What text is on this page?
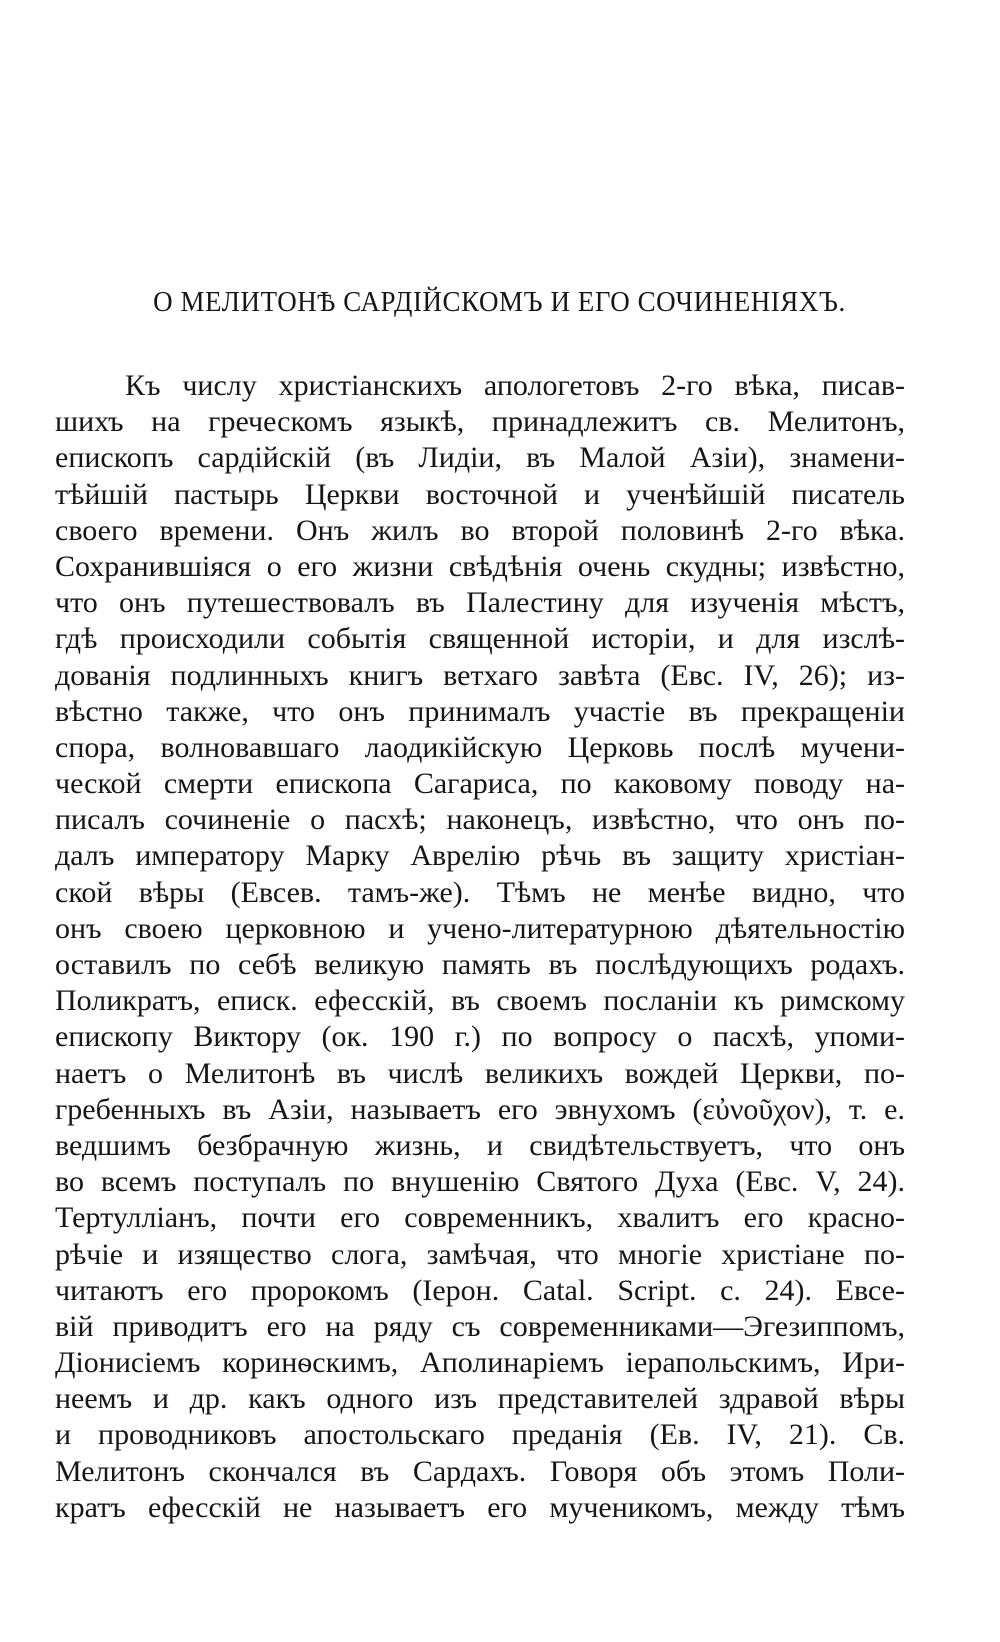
О МЕЛИТОНѢ САРДІЙСКОМЪ И ЕГО СОЧИНЕНІЯХЪ.
Къ числу христіанскихъ апологетовъ 2-го вѣка, писав-
шихъ на греческомъ языкѣ, принадлежитъ св. Мелитонъ,
епископъ сардійскій (въ Лидіи, въ Малой Азіи), знамени-
тѣйшій пастырь Церкви восточной и ученѣйшій писатель
своего времени. Онъ жилъ во второй половинѣ 2-го вѣка.
Сохранившіяся о его жизни свѣдѣнія очень скудны; извѣстно,
что онъ путешествовалъ въ Палестину для изученія мѣстъ,
гдѣ происходили событія священной исторіи, и для изслѣ-
дованія подлинныхъ книгъ ветхаго завѣта (Евс. IV, 26); из-
вѣстно также, что онъ принималъ участіе въ прекращеніи
спора, волновавшаго лаодикійскую Церковь послѣ мучени-
ческой смерти епископа Сагариса, по каковому поводу на-
писалъ сочиненіе о пасхѣ; наконецъ, извѣстно, что онъ по-
далъ императору Марку Аврелію рѣчь въ защиту христіан-
ской вѣры (Евсев. тамъ-же). Тѣмъ не менѣе видно, что
онъ своею церковною и учено-литературною дѣятельностію
оставилъ по себѣ великую память въ послѣдующихъ родахъ.
Поликратъ, еписк. ефесскій, въ своемъ посланіи къ римскому
епископу Виктору (ок. 190 г.) по вопросу о пасхѣ, упоми-
наетъ о Мелитонѣ въ числѣ великихъ вождей Церкви, по-
гребенныхъ въ Азіи, называетъ его эвнухомъ (εὐνοῦχον), т. е.
ведшимъ безбрачную жизнь, и свидѣтельствуетъ, что онъ
во всемъ поступалъ по внушенію Святого Духа (Евс. V, 24).
Тертулліанъ, почти его современникъ, хвалитъ его красно-
рѣчіе и изящество слога, замѣчая, что многіе христіане по-
читаютъ его пророкомъ (Іерон. Catal. Script. c. 24). Евсе-
вій приводитъ его на ряду съ современниками—Эгезиппомъ,
Діонисіемъ коринѳскимъ, Аполинаріемъ іерапольскимъ, Ири-
неемъ и др. какъ одного изъ представителей здравой вѣры
и проводниковъ апостольскаго преданія (Ев. IV, 21). Св.
Мелитонъ скончался въ Сардахъ. Говоря объ этомъ Поли-
кратъ ефесскій не называетъ его мученикомъ, между тѣмъ
